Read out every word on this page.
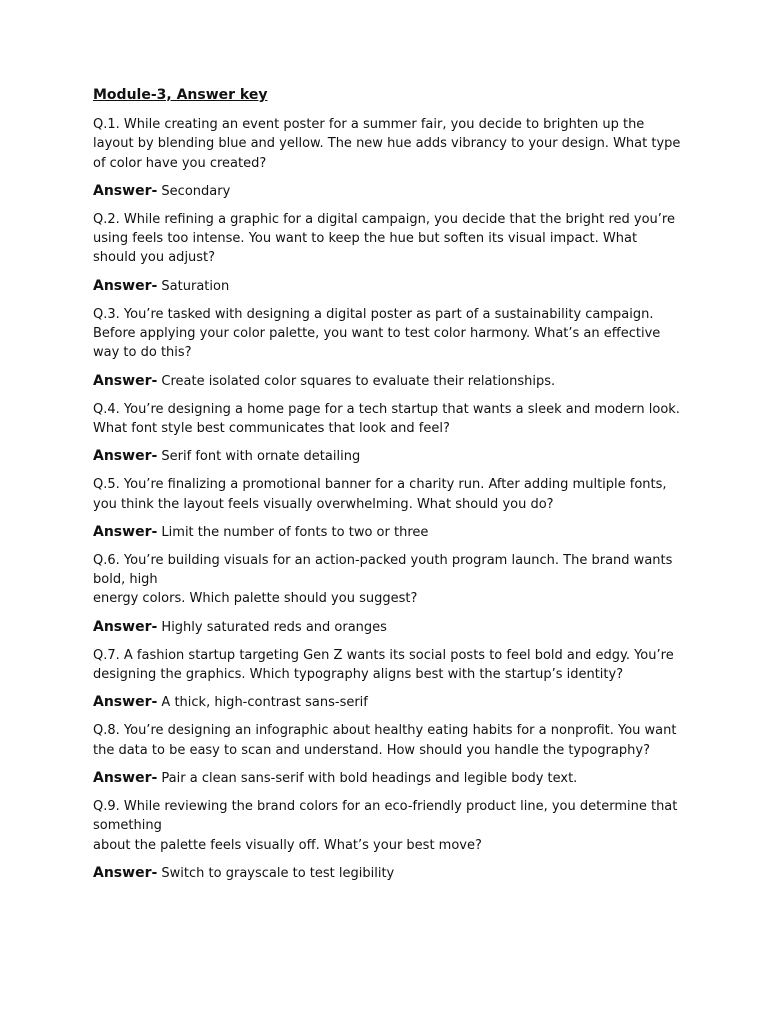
Module-3, Answer key

Q.1. While creating an event poster for a summer fair, you decide to brighten up the layout by blending blue and yellow. The new hue adds vibrancy to your design. What type of color have you created?

Answer- Secondary

Q.2. While refining a graphic for a digital campaign, you decide that the bright red you’re using feels too intense. You want to keep the hue but soften its visual impact. What should you adjust?

Answer- Saturation

Q.3. You’re tasked with designing a digital poster as part of a sustainability campaign. Before applying your color palette, you want to test color harmony. What’s an effective way to do this?

Answer- Create isolated color squares to evaluate their relationships.

Q.4. You’re designing a home page for a tech startup that wants a sleek and modern look. What font style best communicates that look and feel?

Answer- Serif font with ornate detailing

Q.5. You’re finalizing a promotional banner for a charity run. After adding multiple fonts, you think the layout feels visually overwhelming. What should you do?

Answer- Limit the number of fonts to two or three

Q.6. You’re building visuals for an action-packed youth program launch. The brand wants bold, high
energy colors. Which palette should you suggest?

Answer- Highly saturated reds and oranges

Q.7. A fashion startup targeting Gen Z wants its social posts to feel bold and edgy. You’re designing the graphics. Which typography aligns best with the startup’s identity?

Answer- A thick, high-contrast sans-serif

Q.8. You’re designing an infographic about healthy eating habits for a nonprofit. You want the data to be easy to scan and understand. How should you handle the typography?

Answer- Pair a clean sans-serif with bold headings and legible body text.

Q.9. While reviewing the brand colors for an eco-friendly product line, you determine that something
about the palette feels visually off. What’s your best move?

Answer- Switch to grayscale to test legibility
